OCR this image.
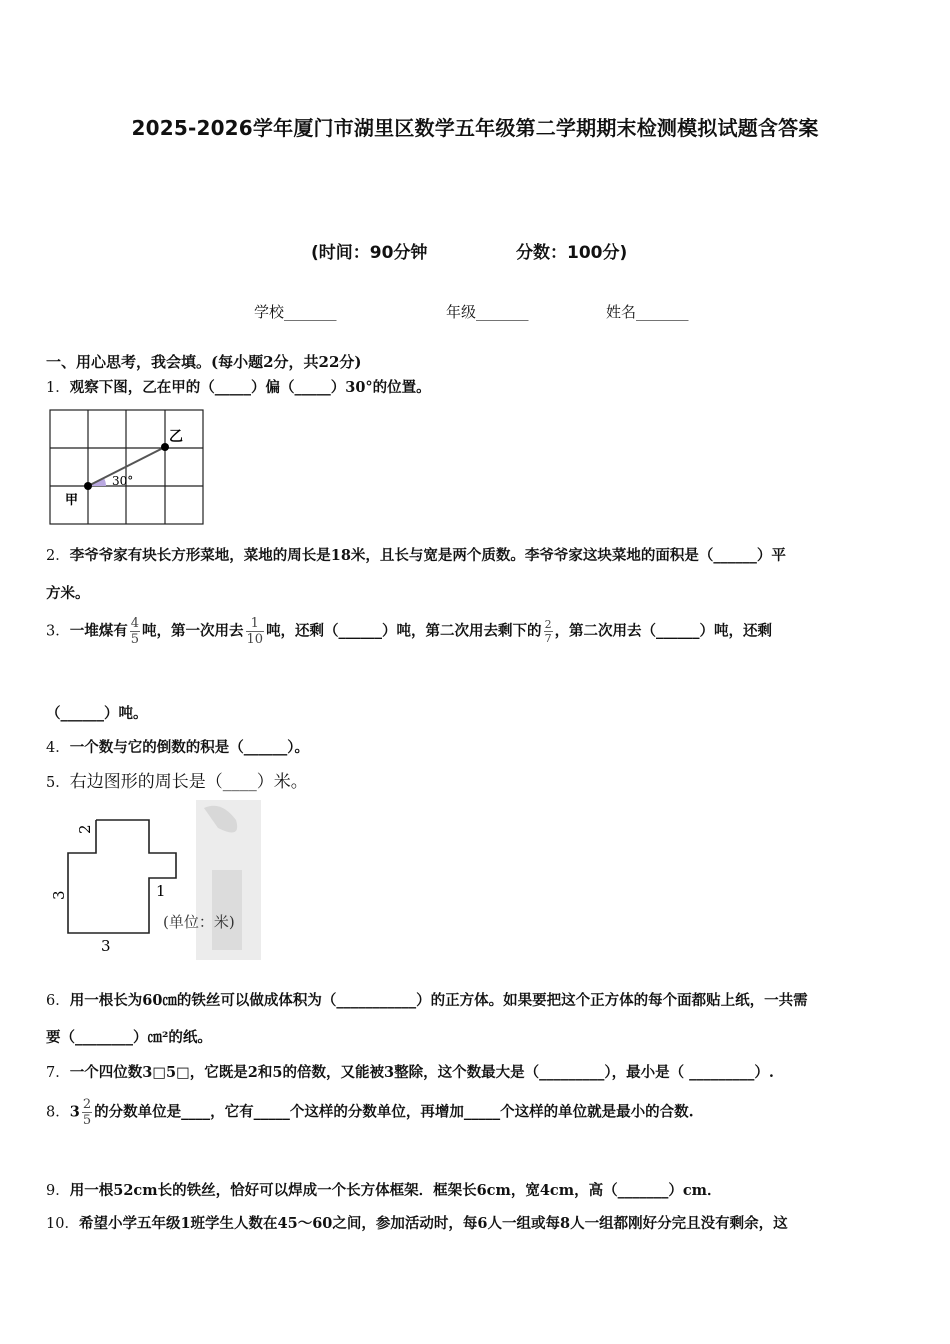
2025-2026学年厦门市湖里区数学五年级第二学期期末检测模拟试题含答案
(时间：90分钟	分数：100分)
学校_______	年级_______	姓名_______
一、用心思考，我会填。(每小题2分，共22分)
1．观察下图，乙在甲的（_____）偏（_____）30°的位置。
甲
乙
30°
2．李爷爷家有块长方形菜地，菜地的周长是18米，且长与宽是两个质数。李爷爷家这块菜地的面积是（______）平
方米。
3．一堆煤有 $\frac{4}{5}$ 吨，第一次用去 $\frac{1}{10}$ 吨，还剩（______）吨，第二次用去剩下的 $\frac{2}{7}$ ，第二次用去（______）吨，还剩
（______）吨。
4．一个数与它的倒数的积是（______）。
5．右边图形的周长是（____）米。
2
3	1
3
(单位：米)
6．用一根长为60㎝的铁丝可以做成体积为（___________）的正方体。如果要把这个正方体的每个面都贴上纸，一共需
要（________）㎝²的纸。
7．一个四位数3□5□，它既是2和5的倍数，又能被3整除，这个数最大是（_________），最小是（ _________）.
8．$3 \frac{2}{5}$ 的分数单位是____，它有_____个这样的分数单位，再增加_____个这样的单位就是最小的合数.
9．用一根52cm长的铁丝，恰好可以焊成一个长方体框架．框架长6cm，宽4cm，高（_______）cm．
10．希望小学五年级1班学生人数在45～60之间，参加活动时，每6人一组或每8人一组都刚好分完且没有剩余，这
